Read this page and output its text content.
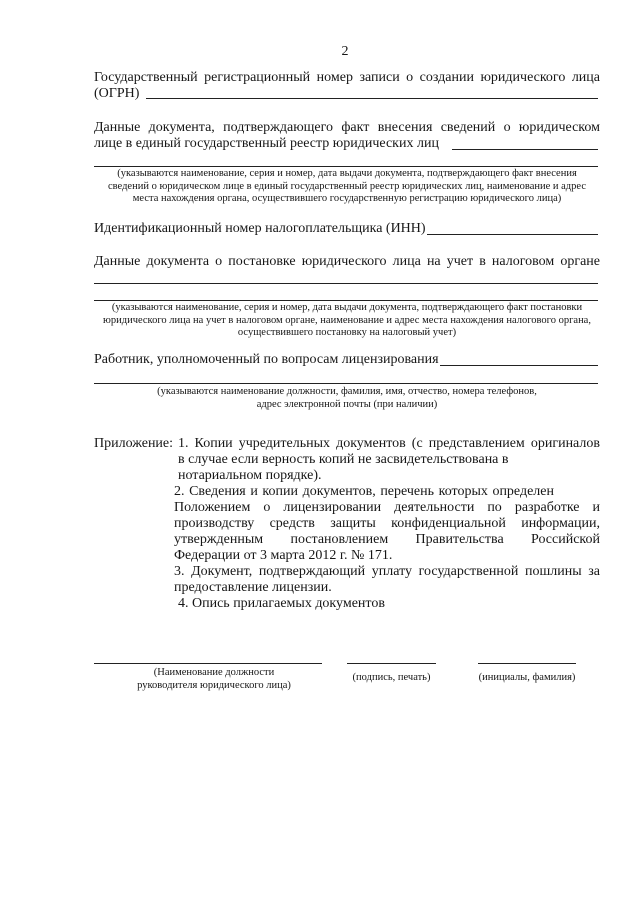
2
Государственный регистрационный номер записи о создании юридического лица
(ОГРН)
Данные документа, подтверждающего факт внесения сведений о юридическом
лице в единый государственный реестр юридических лиц
(указываются наименование, серия и номер, дата выдачи документа, подтверждающего факт внесения
сведений о юридическом лице в единый государственный реестр юридических лиц, наименование и адрес
места нахождения органа, осуществившего государственную регистрацию юридического лица)
Идентификационный номер налогоплательщика (ИНН)
Данные документа о постановке юридического лица на учет в налоговом органе
(указываются наименование, серия и номер, дата выдачи документа, подтверждающего факт постановки
юридического лица на учет в налоговом органе, наименование и адрес места нахождения налогового органа,
осуществившего постановку на налоговый учет)
Работник, уполномоченный по вопросам лицензирования
(указываются наименование должности, фамилия, имя, отчество, номера телефонов,
адрес электронной почты (при наличии)
Приложение: 1. Копии учредительных документов (с представлением оригиналов
в случае если верность копий не засвидетельствована в
нотариальном порядке).
2. Сведения и копии документов, перечень которых определен
Положением о лицензировании деятельности по разработке и
производству средств защиты конфиденциальной информации,
утвержденным постановлением Правительства Российской
Федерации от 3 марта 2012 г. № 171.
3. Документ, подтверждающий уплату государственной пошлины за
предоставление лицензии.
4. Опись прилагаемых документов
(Наименование должности
руководителя юридического лица)
(подпись, печать)	(инициалы, фамилия)
